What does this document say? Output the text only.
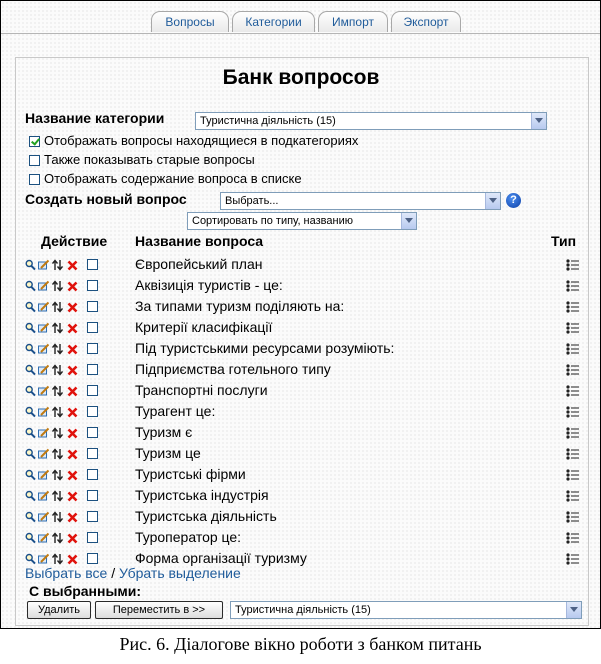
Вопросы	Категории	Импорт	Экспорт
Банк вопросов
Название категории	Туристична діяльність (15)
Отображать вопросы находящиеся в подкатегориях
Также показывать старые вопросы
Отображать содержание вопроса в списке
Создать новый вопрос	Выбрать...	?
Сортировать по типу, названию
Действие Название вопроса	Тип
Європейський план
Аквізиція туристів - це:
За типами туризм поділяють на:
Критерії класифікації
Під туристськими ресурсами розуміють:
Підприємства готельного типу
Транспортні послуги
Турагент це:
Туризм є
Туризм це
Туристські фірми
Туристська індустрія
Туристська діяльність
Туроператор це:
Форма організації туризму
Выбрать все / Убрать выделение
С выбранными:
Удалить	Переместить в >>	Туристична діяльність (15)
Рис. 6. Діалогове вікно роботи з банком питань
